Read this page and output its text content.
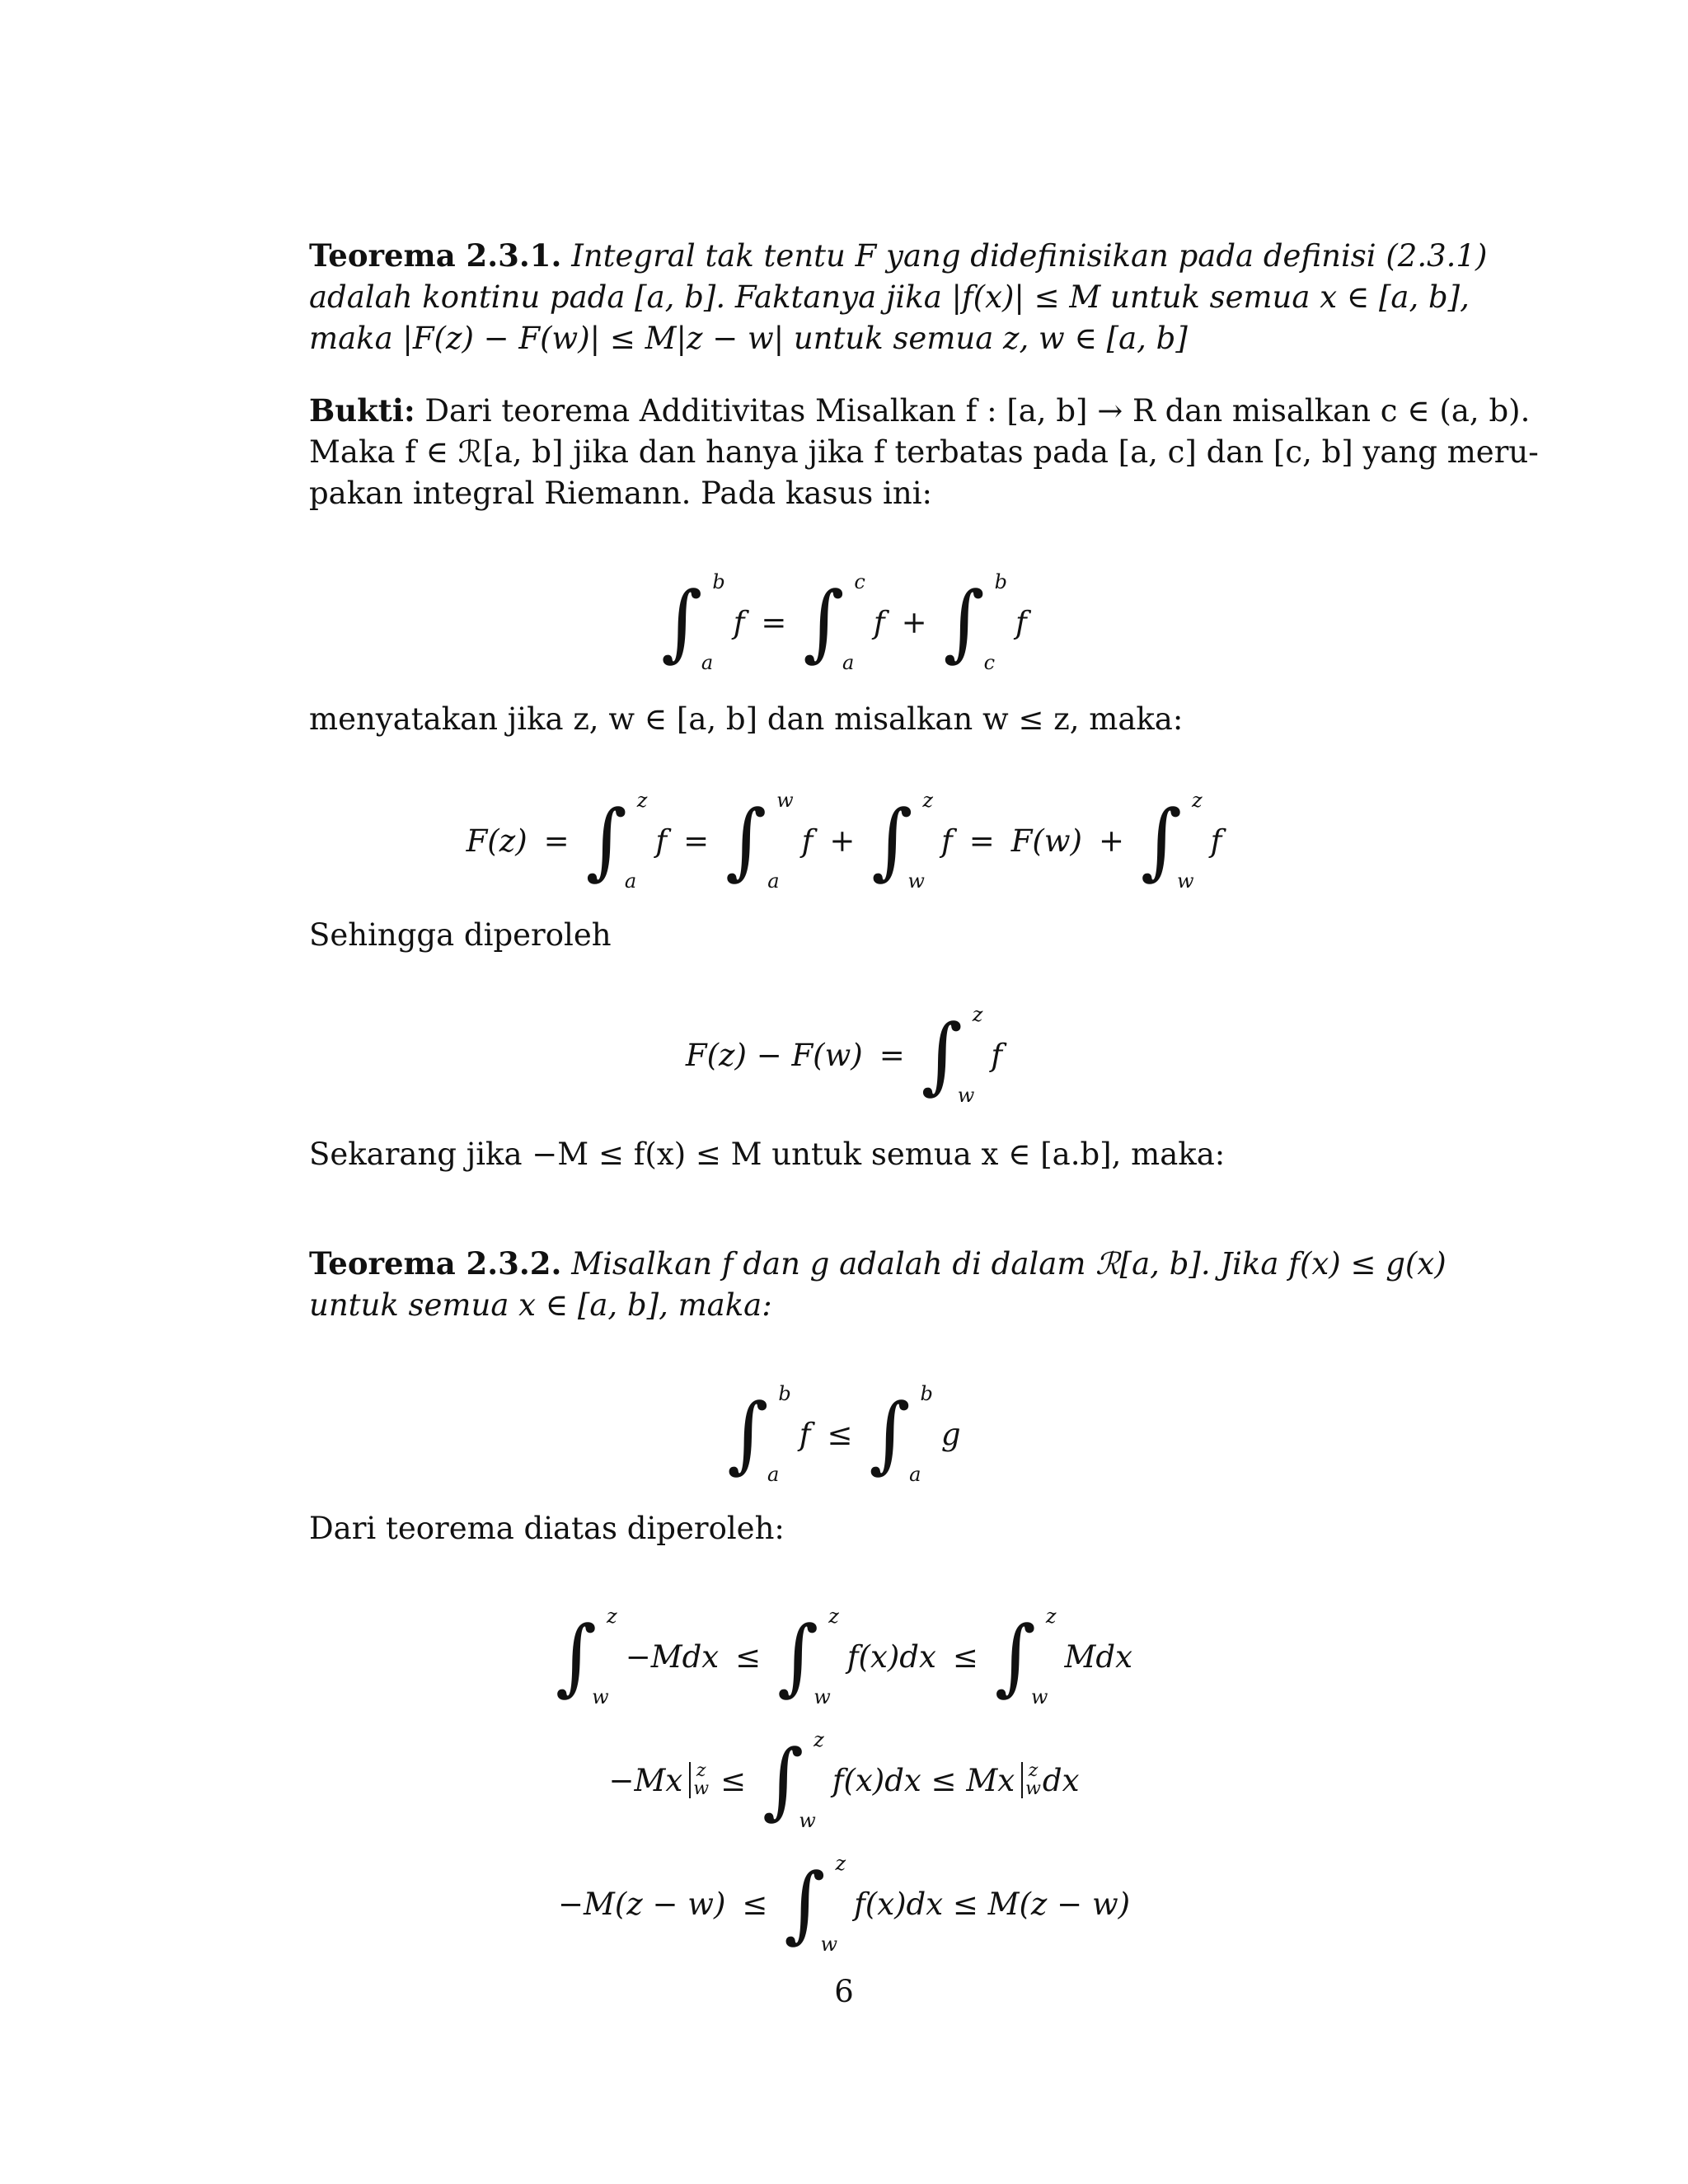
Teorema 2.3.1. Integral tak tentu F yang didefinisikan pada definisi (2.3.1)
adalah kontinu pada [a, b]. Faktanya jika |f(x)| ≤ M untuk semua x ∈ [a, b],
maka |F(z) − F(w)| ≤ M|z − w| untuk semua z, w ∈ [a, b]
Bukti: Dari teorema Additivitas Misalkan f : [a, b] → R dan misalkan c ∈ (a, b).
Maka f ∈ ℛ[a, b] jika dan hanya jika f terbatas pada [a, c] dan [c, b] yang meru-
pakan integral Riemann. Pada kasus ini:
∫ b
a
f = ∫ c
a
f + ∫ b
c
f
menyatakan jika z, w ∈ [a, b] dan misalkan w ≤ z, maka:
F(z) = ∫ z
a
f = ∫ w
a
f + ∫ z
w
f = F(w) + ∫ z
w
f
Sehingga diperoleh
F(z) − F(w) = ∫ z
w
f
Sekarang jika −M ≤ f(x) ≤ M untuk semua x ∈ [a.b], maka:
Teorema 2.3.2. Misalkan f dan g adalah di dalam ℛ[a, b]. Jika f(x) ≤ g(x)
untuk semua x ∈ [a, b], maka:
∫ b
a
f ≤ ∫ b
a
g
Dari teorema diatas diperoleh:
∫ z
w
−Mdx ≤ ∫ z
w
f(x)dx ≤ ∫ z
w
Mdx
−Mx z
w ≤ ∫ z
w
f(x)dx ≤ Mx z
w dx
−M(z − w) ≤ ∫ z
w
f(x)dx ≤ M(z − w)
6
